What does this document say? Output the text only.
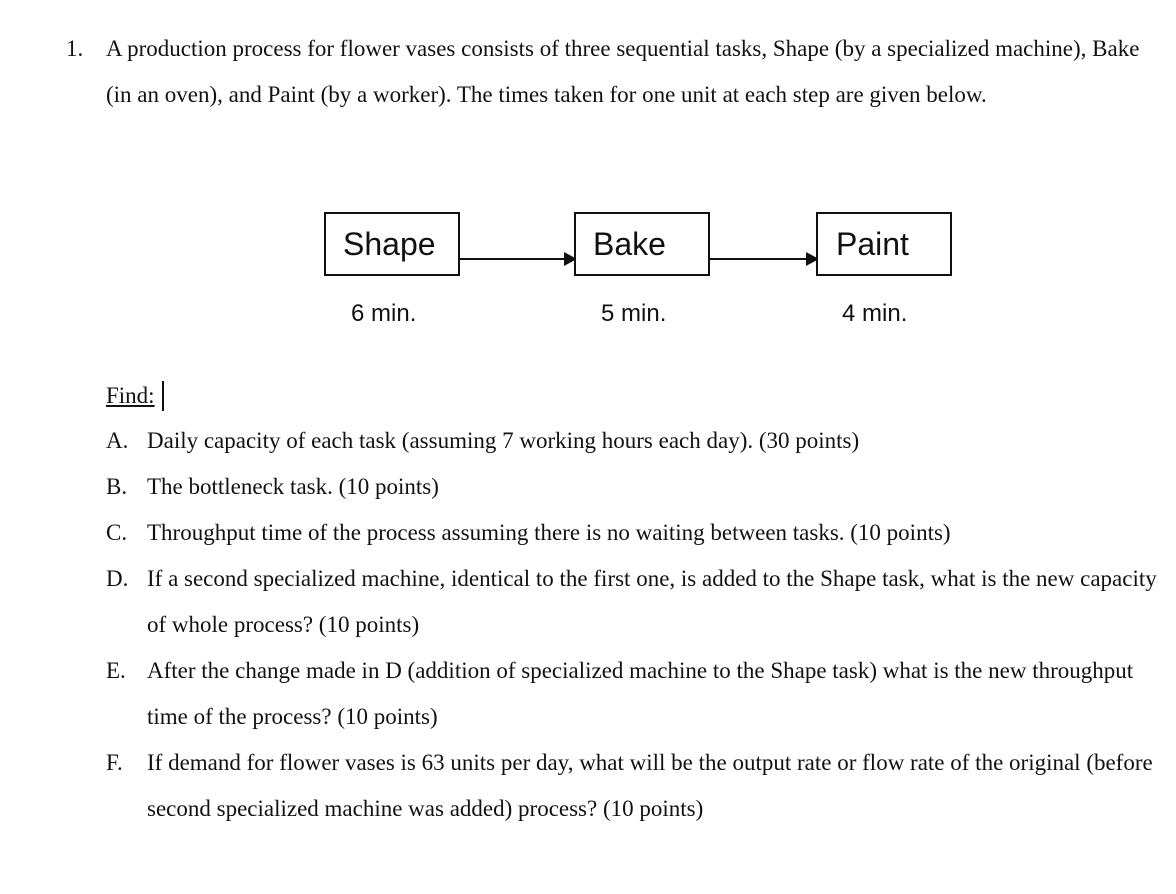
1. A production process for flower vases consists of three sequential tasks, Shape (by a specialized machine), Bake (in an oven), and Paint (by a worker). The times taken for one unit at each step are given below.
Shape	Bake	Paint
6 min.	5 min.	4 min.
Find:
A. Daily capacity of each task (assuming 7 working hours each day). (30 points)
B. The bottleneck task. (10 points)
C. Throughput time of the process assuming there is no waiting between tasks. (10 points)
D. If a second specialized machine, identical to the first one, is added to the Shape task, what is the new capacity of whole process? (10 points)
E. After the change made in D (addition of specialized machine to the Shape task) what is the new throughput time of the process? (10 points)
F. If demand for flower vases is 63 units per day, what will be the output rate or flow rate of the original (before second specialized machine was added) process? (10 points)
